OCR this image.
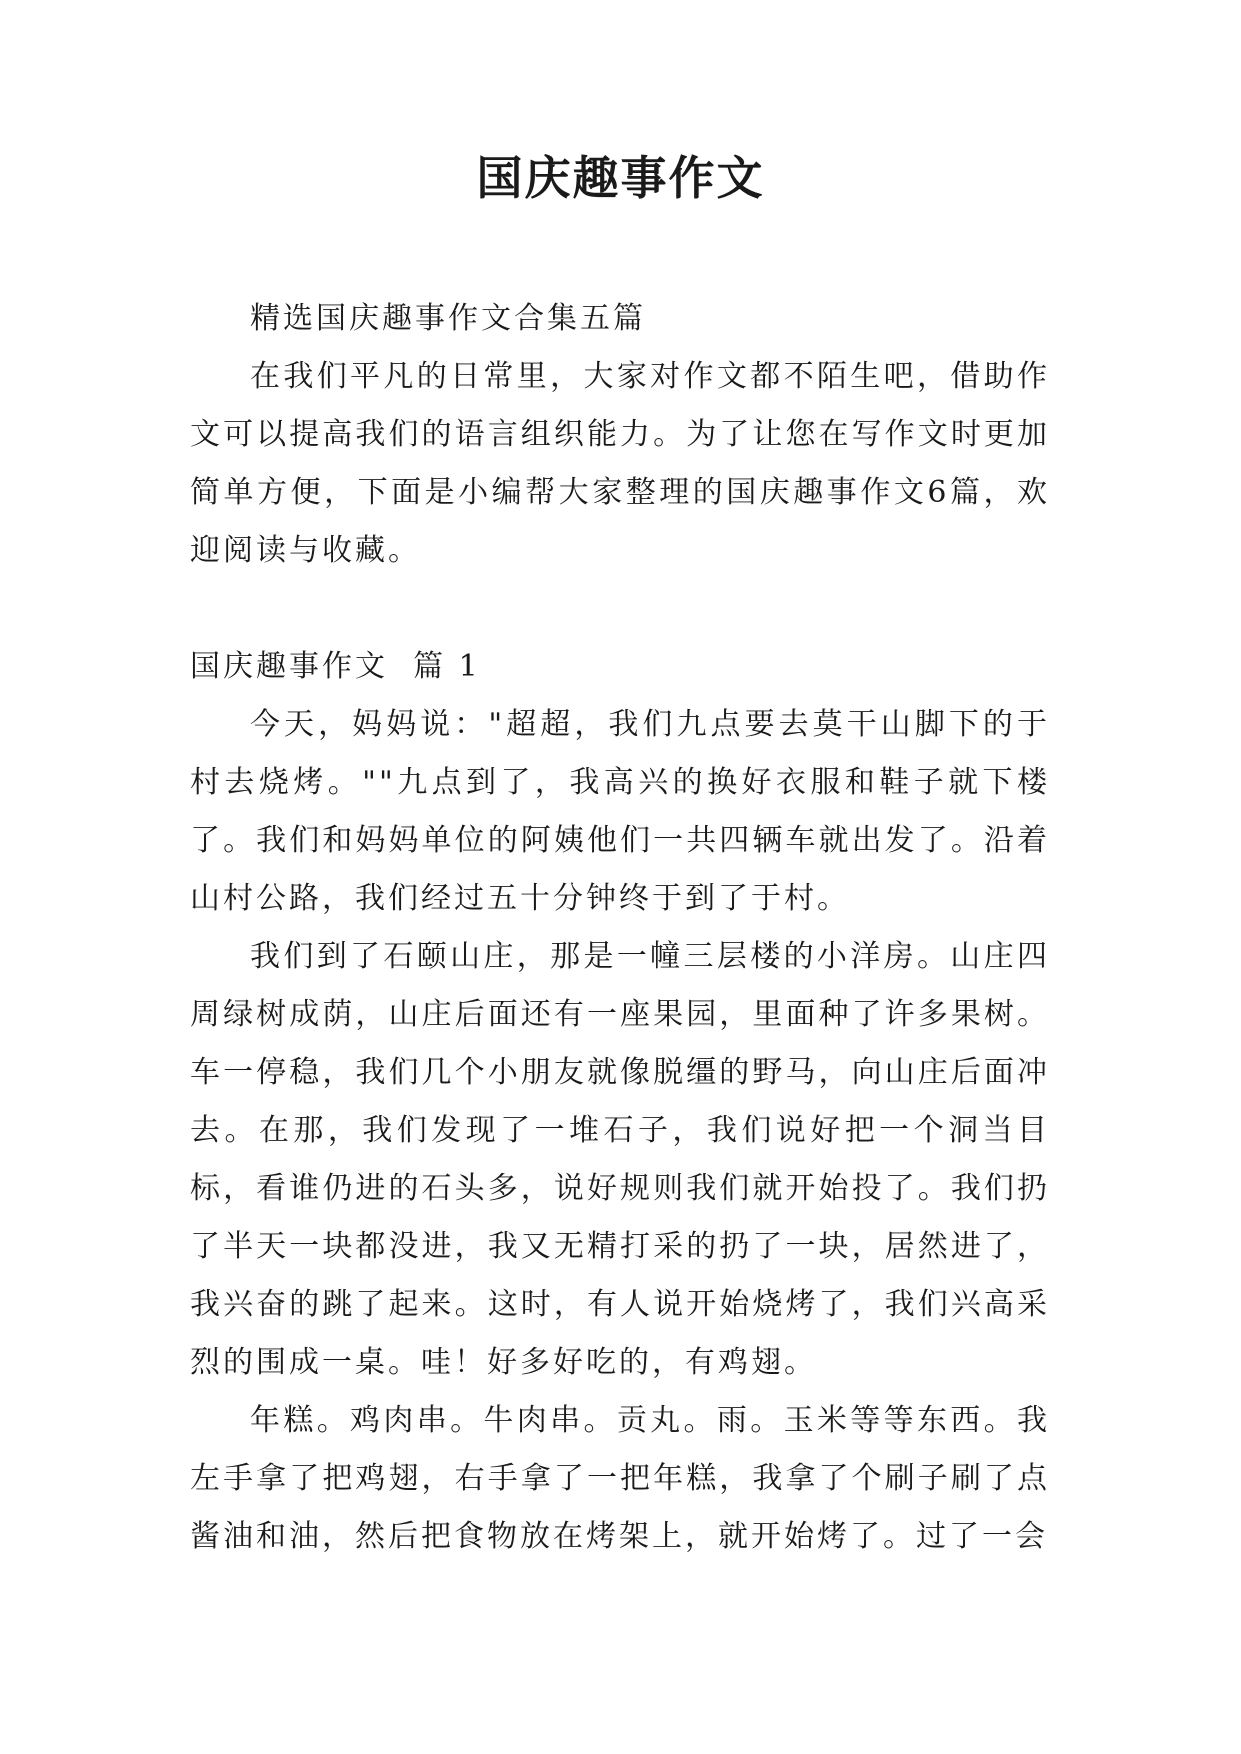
国庆趣事作文

精选国庆趣事作文合集五篇

在我们平凡的日常里，大家对作文都不陌生吧，借助作文可以提高我们的语言组织能力。为了让您在写作文时更加简单方便，下面是小编帮大家整理的国庆趣事作文6篇，欢迎阅读与收藏。

国庆趣事作文  篇 1

今天，妈妈说："超超，我们九点要去莫干山脚下的于村去烧烤。""九点到了，我高兴的换好衣服和鞋子就下楼了。我们和妈妈单位的阿姨他们一共四辆车就出发了。沿着山村公路，我们经过五十分钟终于到了于村。

我们到了石颐山庄，那是一幢三层楼的小洋房。山庄四周绿树成荫，山庄后面还有一座果园，里面种了许多果树。车一停稳，我们几个小朋友就像脱缰的野马，向山庄后面冲去。在那，我们发现了一堆石子，我们说好把一个洞当目标，看谁仍进的石头多，说好规则我们就开始投了。我们扔了半天一块都没进，我又无精打采的扔了一块，居然进了，我兴奋的跳了起来。这时，有人说开始烧烤了，我们兴高采烈的围成一桌。哇！好多好吃的，有鸡翅。

年糕。鸡肉串。牛肉串。贡丸。雨。玉米等等东西。我左手拿了把鸡翅，右手拿了一把年糕，我拿了个刷子刷了点酱油和油，然后把食物放在烤架上，就开始烤了。过了一会
